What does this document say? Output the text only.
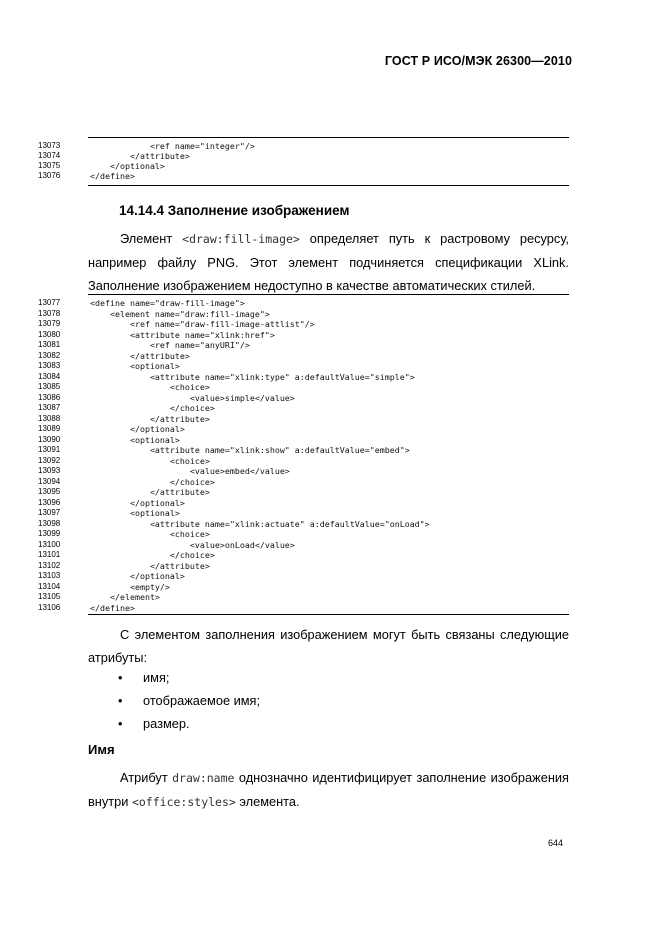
ГОСТ Р ИСО/МЭК 26300—2010
13073	<ref name="integer"/>
13074	</attribute>
13075	</optional>
13076	</define>
14.14.4 Заполнение изображением
Элемент <draw:fill-image> определяет путь к растровому ресурсу, например файлу PNG. Этот элемент подчиняется спецификации XLink. Заполнение изображением недоступно в качестве автоматических стилей.
13077	<define name="draw-fill-image">
13078	<element name="draw:fill-image">
13079	<ref name="draw-fill-image-attlist"/>
13080	<attribute name="xlink:href">
13081	<ref name="anyURI"/>
13082	</attribute>
13083	<optional>
13084	<attribute name="xlink:type" a:defaultValue="simple">
13085	<choice>
13086	<value>simple</value>
13087	</choice>
13088	</attribute>
13089	</optional>
13090	<optional>
13091	<attribute name="xlink:show" a:defaultValue="embed">
13092	<choice>
13093	<value>embed</value>
13094	</choice>
13095	</attribute>
13096	</optional>
13097	<optional>
13098	<attribute name="xlink:actuate" a:defaultValue="onLoad">
13099	<choice>
13100	<value>onLoad</value>
13101	</choice>
13102	</attribute>
13103	</optional>
13104	<empty/>
13105	</element>
13106	</define>
С элементом заполнения изображением могут быть связаны следующие атрибуты:
• имя;
• отображаемое имя;
• размер.
Имя
Атрибут draw:name однозначно идентифицирует заполнение изображения внутри <office:styles> элемента.
644
